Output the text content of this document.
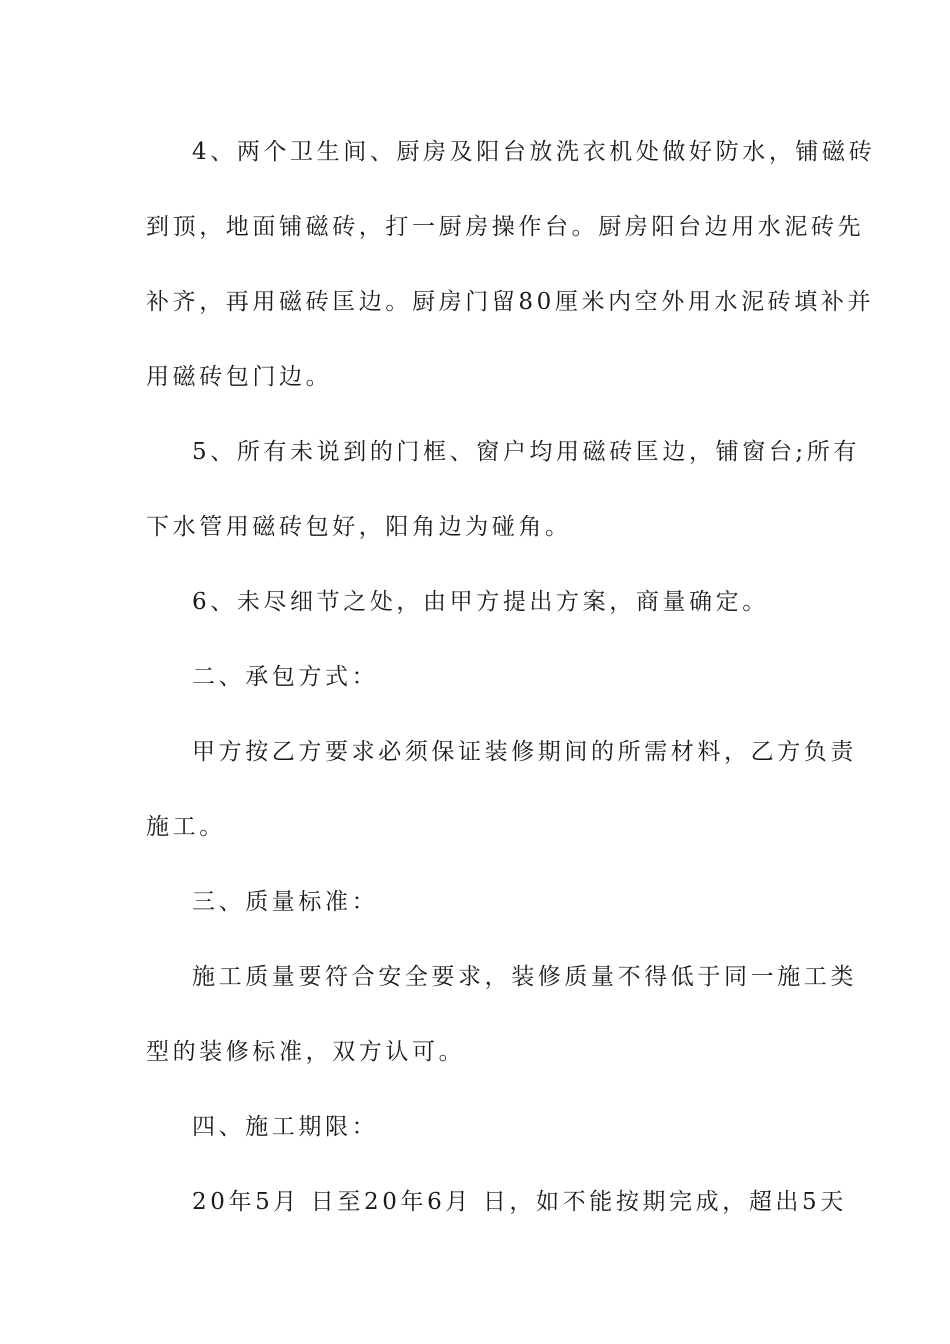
4、两个卫生间、厨房及阳台放洗衣机处做好防水，铺磁砖
到顶，地面铺磁砖，打一厨房操作台。厨房阳台边用水泥砖先
补齐，再用磁砖匡边。厨房门留80厘米内空外用水泥砖填补并
用磁砖包门边。
5、所有未说到的门框、窗户均用磁砖匡边，铺窗台;所有
下水管用磁砖包好，阳角边为碰角。
6、未尽细节之处，由甲方提出方案，商量确定。
二、承包方式：
甲方按乙方要求必须保证装修期间的所需材料，乙方负责
施工。
三、质量标准：
施工质量要符合安全要求，装修质量不得低于同一施工类
型的装修标准，双方认可。
四、施工期限：
20年5月 日至20年6月 日，如不能按期完成，超出5天
